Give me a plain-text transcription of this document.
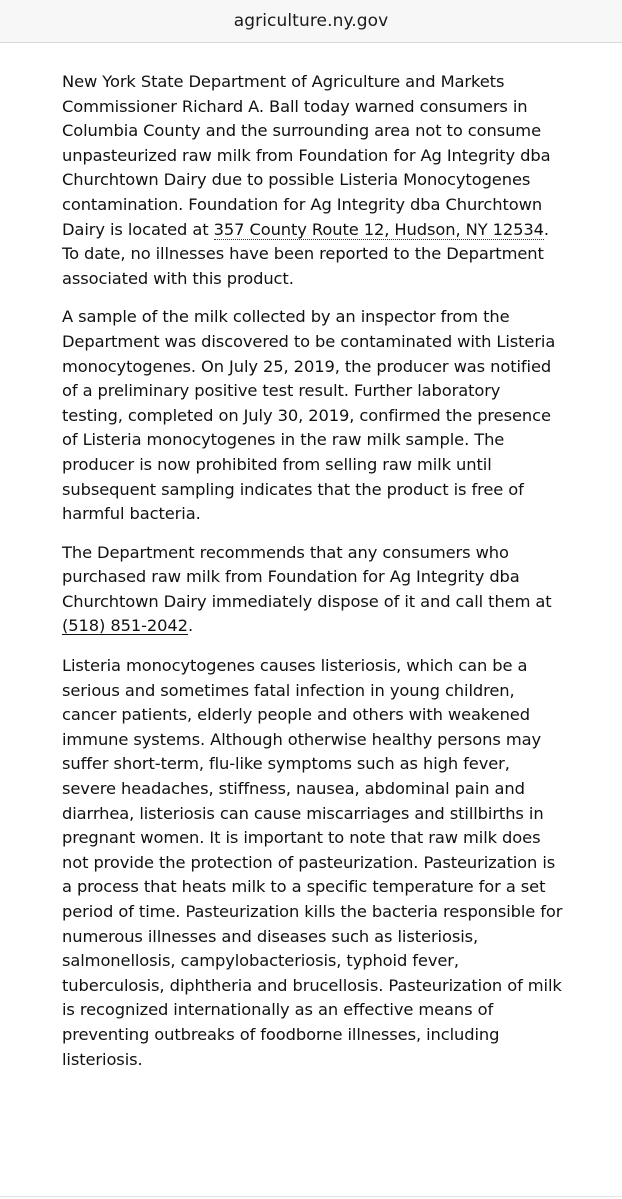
agriculture.ny.gov

New York State Department of Agriculture and Markets Commissioner Richard A. Ball today warned consumers in Columbia County and the surrounding area not to consume unpasteurized raw milk from Foundation for Ag Integrity dba Churchtown Dairy due to possible Listeria Monocytogenes contamination. Foundation for Ag Integrity dba Churchtown Dairy is located at 357 County Route 12, Hudson, NY 12534. To date, no illnesses have been reported to the Department associated with this product.

A sample of the milk collected by an inspector from the Department was discovered to be contaminated with Listeria monocytogenes. On July 25, 2019, the producer was notified of a preliminary positive test result. Further laboratory testing, completed on July 30, 2019, confirmed the presence of Listeria monocytogenes in the raw milk sample. The producer is now prohibited from selling raw milk until subsequent sampling indicates that the product is free of harmful bacteria.

The Department recommends that any consumers who purchased raw milk from Foundation for Ag Integrity dba Churchtown Dairy immediately dispose of it and call them at (518) 851-2042.

Listeria monocytogenes causes listeriosis, which can be a serious and sometimes fatal infection in young children, cancer patients, elderly people and others with weakened immune systems. Although otherwise healthy persons may suffer short-term, flu-like symptoms such as high fever, severe headaches, stiffness, nausea, abdominal pain and diarrhea, listeriosis can cause miscarriages and stillbirths in pregnant women. It is important to note that raw milk does not provide the protection of pasteurization. Pasteurization is a process that heats milk to a specific temperature for a set period of time. Pasteurization kills the bacteria responsible for numerous illnesses and diseases such as listeriosis, salmonellosis, campylobacteriosis, typhoid fever, tuberculosis, diphtheria and brucellosis. Pasteurization of milk is recognized internationally as an effective means of preventing outbreaks of foodborne illnesses, including listeriosis.
